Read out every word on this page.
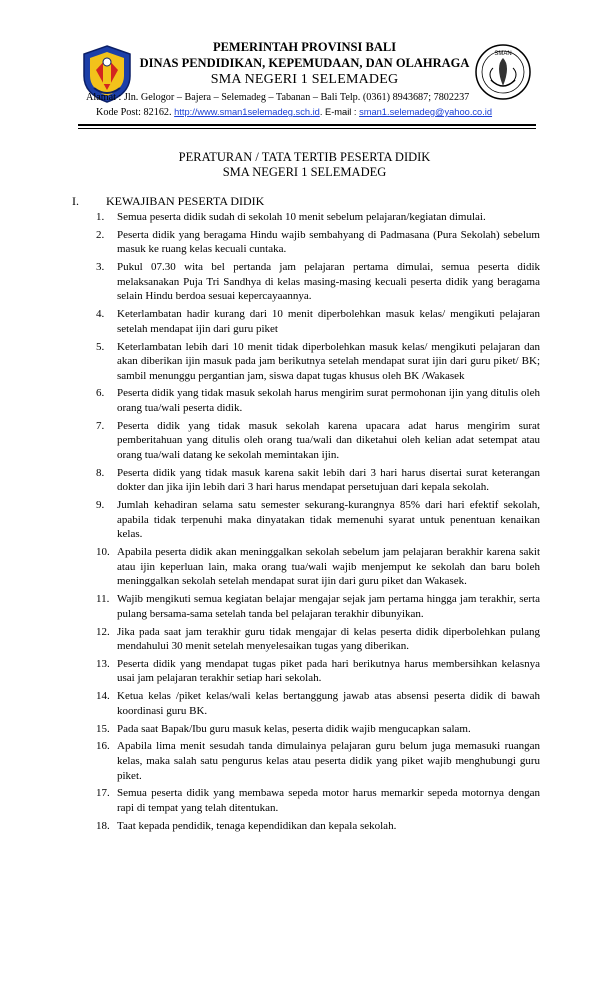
SMAN
PEMERINTAH PROVINSI BALI
DINAS PENDIDIKAN, KEPEMUDAAN, DAN OLAHRAGA
SMA NEGERI 1 SELEMADEG
Alamat : Jln. Gelogor – Bajera – Selemadeg – Tabanan – Bali Telp. (0361) 8943687; 7802237
Kode Post: 82162. http://www.sman1selemadeg.sch.id. E-mail : sman1.selemadeg@yahoo.co.id
PERATURAN / TATA TERTIB PESERTA DIDIK
SMA NEGERI 1 SELEMADEG
I. KEWAJIBAN PESERTA DIDIK
1. Semua peserta didik sudah di sekolah 10 menit sebelum pelajaran/kegiatan dimulai.
2. Peserta didik yang beragama Hindu wajib sembahyang di Padmasana (Pura Sekolah) sebelum masuk ke ruang kelas kecuali cuntaka.
3. Pukul 07.30 wita bel pertanda jam pelajaran pertama dimulai, semua peserta didik melaksanakan Puja Tri Sandhya di kelas masing-masing kecuali peserta didik yang beragama selain Hindu berdoa sesuai kepercayaannya.
4. Keterlambatan hadir kurang dari 10 menit diperbolehkan masuk kelas/ mengikuti pelajaran setelah mendapat ijin dari guru piket
5. Keterlambatan lebih dari 10 menit tidak diperbolehkan masuk kelas/ mengikuti pelajaran dan akan diberikan ijin masuk pada jam berikutnya setelah mendapat surat ijin dari guru piket/ BK; sambil menunggu pergantian jam, siswa dapat tugas khusus oleh BK /Wakasek
6. Peserta didik yang tidak masuk sekolah harus mengirim surat permohonan ijin yang ditulis oleh orang tua/wali peserta didik.
7. Peserta didik yang tidak masuk sekolah karena upacara adat harus mengirim surat pemberitahuan yang ditulis oleh orang tua/wali dan diketahui oleh kelian adat setempat atau orang tua/wali datang ke sekolah memintakan ijin.
8. Peserta didik yang tidak masuk karena sakit lebih dari 3 hari harus disertai surat keterangan dokter dan jika ijin lebih dari 3 hari harus mendapat persetujuan dari kepala sekolah.
9. Jumlah kehadiran selama satu semester sekurang-kurangnya 85% dari hari efektif sekolah, apabila tidak terpenuhi maka dinyatakan tidak memenuhi syarat untuk penentuan kenaikan kelas.
10. Apabila peserta didik akan meninggalkan sekolah sebelum jam pelajaran berakhir karena sakit atau ijin keperluan lain, maka orang tua/wali wajib menjemput ke sekolah dan baru boleh meninggalkan sekolah setelah mendapat surat ijin dari guru piket dan Wakasek.
11. Wajib mengikuti semua kegiatan belajar mengajar sejak jam pertama hingga jam terakhir, serta pulang bersama-sama setelah tanda bel pelajaran terakhir dibunyikan.
12. Jika pada saat jam terakhir guru tidak mengajar di kelas peserta didik diperbolehkan pulang mendahului 30 menit setelah menyelesaikan tugas yang diberikan.
13. Peserta didik yang mendapat tugas piket pada hari berikutnya harus membersihkan kelasnya usai jam pelajaran terakhir setiap hari sekolah.
14. Ketua kelas /piket kelas/wali kelas bertanggung jawab atas absensi peserta didik di bawah koordinasi guru BK.
15. Pada saat Bapak/Ibu guru masuk kelas, peserta didik wajib mengucapkan salam.
16. Apabila lima menit sesudah tanda dimulainya pelajaran guru belum juga memasuki ruangan kelas, maka salah satu pengurus kelas atau peserta didik yang piket wajib menghubungi guru piket.
17. Semua peserta didik yang membawa sepeda motor harus memarkir sepeda motornya dengan rapi di tempat yang telah ditentukan.
18. Taat kepada pendidik, tenaga kependidikan dan kepala sekolah.
